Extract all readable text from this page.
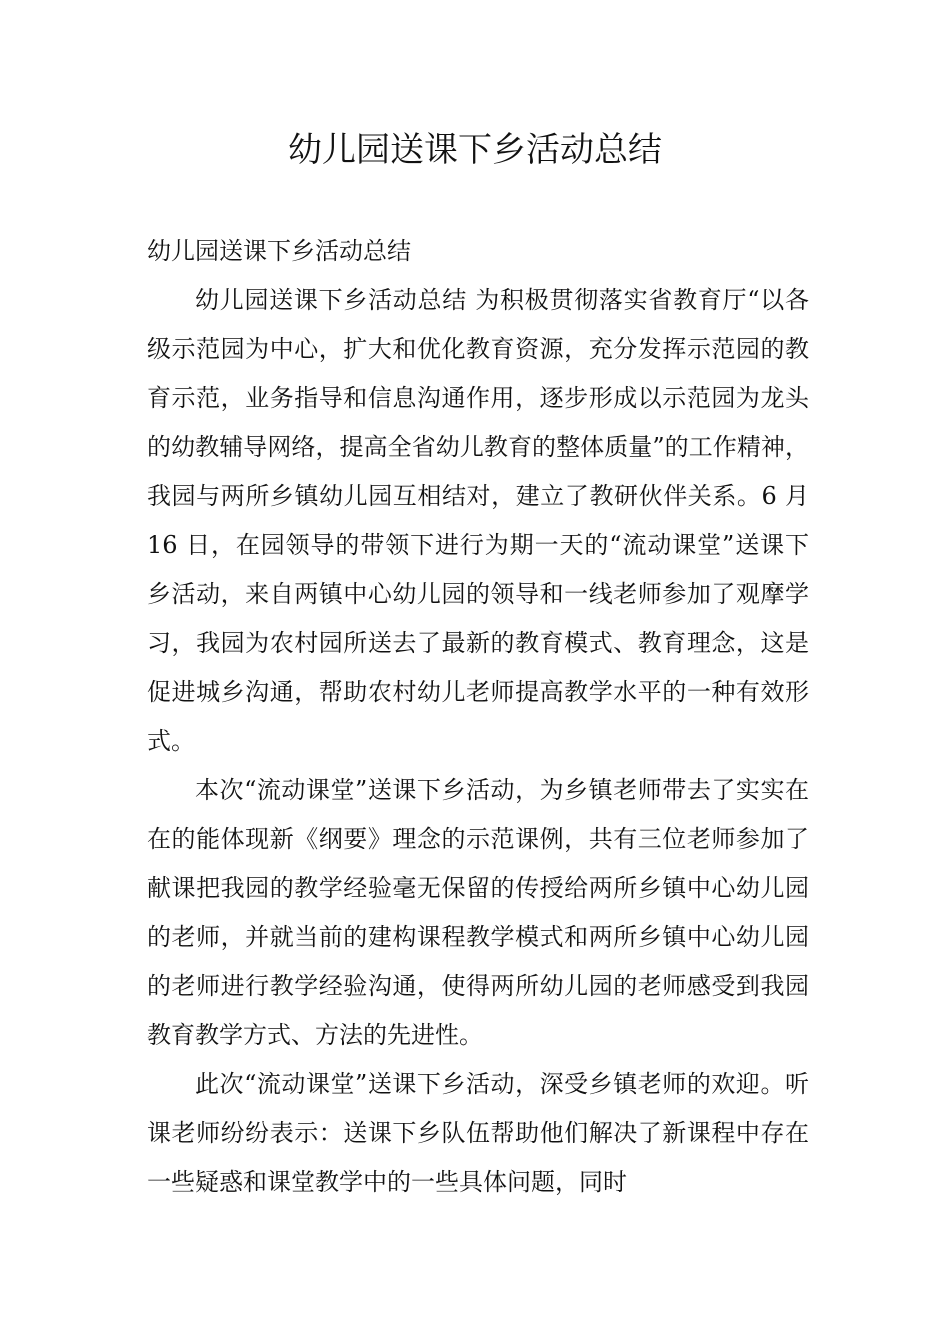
幼儿园送课下乡活动总结

幼儿园送课下乡活动总结

幼儿园送课下乡活动总结 为积极贯彻落实省教育厅“以各级示范园为中心，扩大和优化教育资源，充分发挥示范园的教育示范，业务指导和信息沟通作用，逐步形成以示范园为龙头的幼教辅导网络，提高全省幼儿教育的整体质量”的工作精神，我园与两所乡镇幼儿园互相结对，建立了教研伙伴关系。6 月 16 日，在园领导的带领下进行为期一天的“流动课堂”送课下乡活动，来自两镇中心幼儿园的领导和一线老师参加了观摩学习，我园为农村园所送去了最新的教育模式、教育理念，这是促进城乡沟通，帮助农村幼儿老师提高教学水平的一种有效形式。

本次“流动课堂”送课下乡活动，为乡镇老师带去了实实在在的能体现新《纲要》理念的示范课例，共有三位老师参加了献课把我园的教学经验毫无保留的传授给两所乡镇中心幼儿园的老师，并就当前的建构课程教学模式和两所乡镇中心幼儿园的老师进行教学经验沟通，使得两所幼儿园的老师感受到我园教育教学方式、方法的先进性。

此次“流动课堂”送课下乡活动，深受乡镇老师的欢迎。听课老师纷纷表示：送课下乡队伍帮助他们解决了新课程中存在一些疑惑和课堂教学中的一些具体问题，同时
